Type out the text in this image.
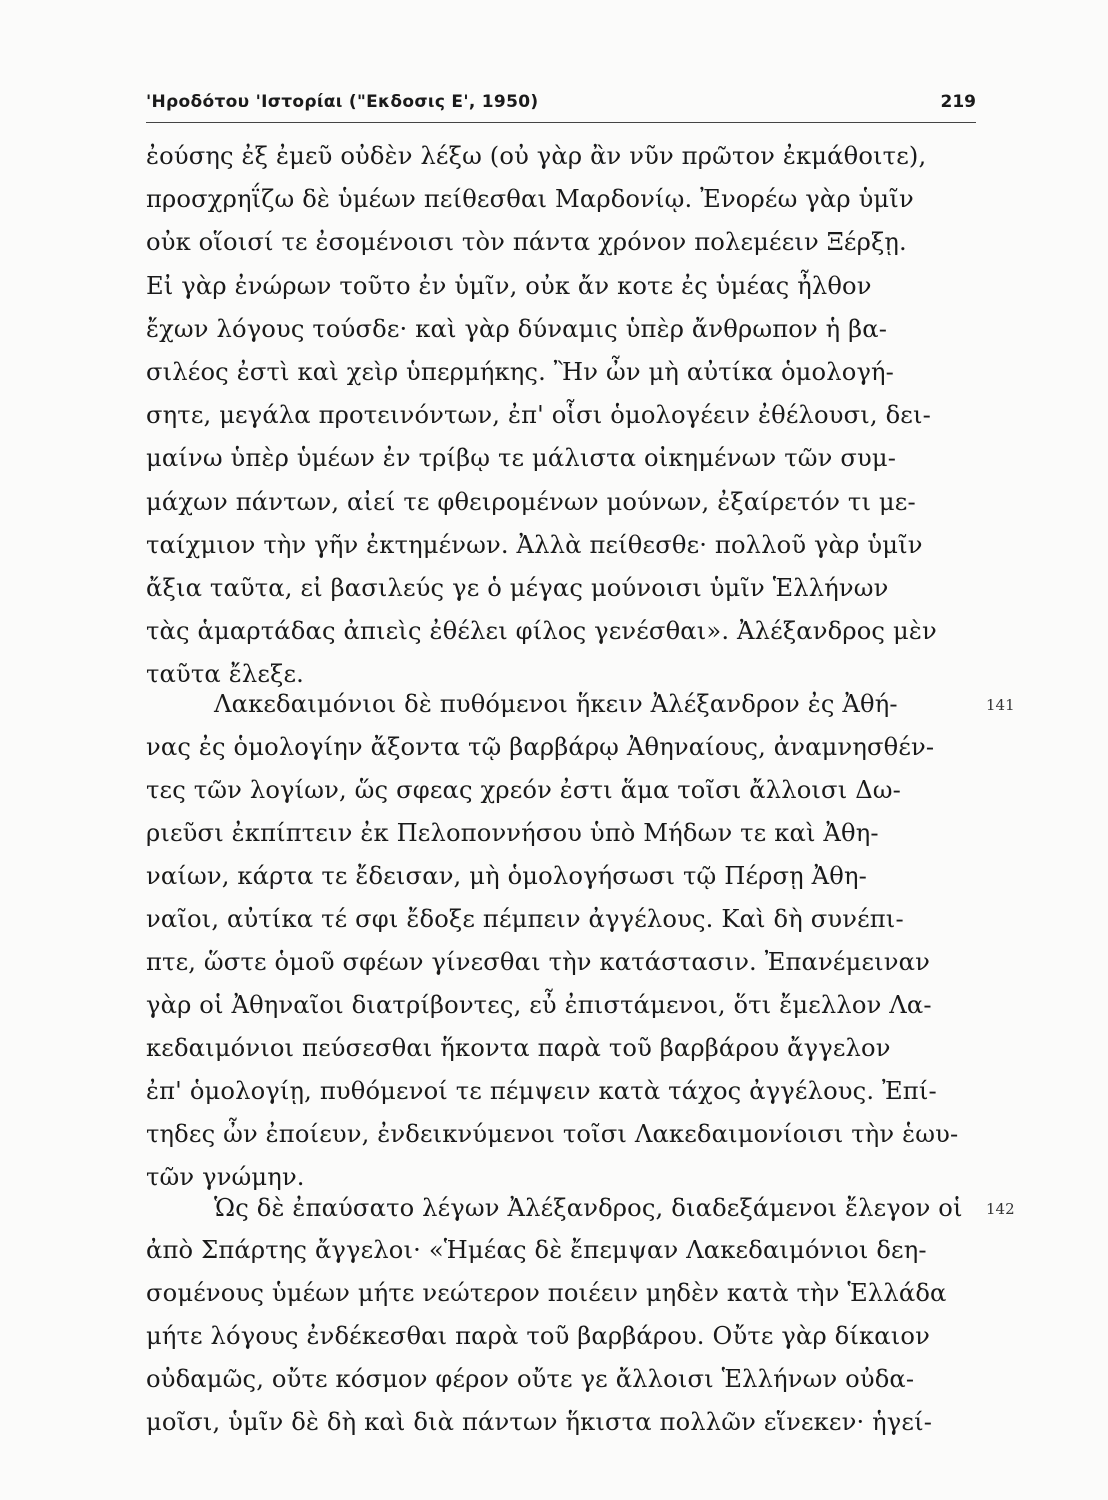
'Ηροδότου 'Ιστορίαι ("Εκδοσις Ε', 1950)	219
ἐούσης ἐξ ἐμεῦ οὐδὲν λέξω (οὐ γὰρ ἂν νῦν πρῶτον ἐκμάθοιτε),
προσχρηΐζω δὲ ὑμέων πείθεσθαι Μαρδονίῳ. Ἐνορέω γὰρ ὑμῖν
οὐκ οἵοισί τε ἐσομένοισι τὸν πάντα χρόνον πολεμέειν Ξέρξῃ.
Εἰ γὰρ ἐνώρων τοῦτο ἐν ὑμῖν, οὐκ ἄν κοτε ἐς ὑμέας ἦλθον
ἔχων λόγους τούσδε· καὶ γὰρ δύναμις ὑπὲρ ἄνθρωπον ἡ βα-
σιλέος ἐστὶ καὶ χεὶρ ὑπερμήκης. Ἢν ὦν μὴ αὐτίκα ὁμολογή-
σητε, μεγάλα προτεινόντων, ἐπ' οἷσι ὁμολογέειν ἐθέλουσι, δει-
μαίνω ὑπὲρ ὑμέων ἐν τρίβῳ τε μάλιστα οἰκημένων τῶν συμ-
μάχων πάντων, αἰεί τε φθειρομένων μούνων, ἐξαίρετόν τι με-
ταίχμιον τὴν γῆν ἐκτημένων. Ἀλλὰ πείθεσθε· πολλοῦ γὰρ ὑμῖν
ἄξια ταῦτα, εἰ βασιλεύς γε ὁ μέγας μούνοισι ὑμῖν Ἑλλήνων
τὰς ἁμαρτάδας ἀπιεὶς ἐθέλει φίλος γενέσθαι». Ἀλέξανδρος μὲν
ταῦτα ἔλεξε.
Λακεδαιμόνιοι δὲ πυθόμενοι ἥκειν Ἀλέξανδρον ἐς Ἀθή-
νας ἐς ὁμολογίην ἄξοντα τῷ βαρβάρῳ Ἀθηναίους, ἀναμνησθέν-
τες τῶν λογίων, ὥς σφεας χρεόν ἐστι ἅμα τοῖσι ἄλλοισι Δω-
ριεῦσι ἐκπίπτειν ἐκ Πελοποννήσου ὑπὸ Μήδων τε καὶ Ἀθη-
ναίων, κάρτα τε ἔδεισαν, μὴ ὁμολογήσωσι τῷ Πέρσῃ Ἀθη-
ναῖοι, αὐτίκα τέ σφι ἔδοξε πέμπειν ἀγγέλους. Καὶ δὴ συνέπι-
πτε, ὥστε ὁμοῦ σφέων γίνεσθαι τὴν κατάστασιν. Ἐπανέμειναν
γὰρ οἱ Ἀθηναῖοι διατρίβοντες, εὖ ἐπιστάμενοι, ὅτι ἔμελλον Λα-
κεδαιμόνιοι πεύσεσθαι ἥκοντα παρὰ τοῦ βαρβάρου ἄγγελον
ἐπ' ὁμολογίῃ, πυθόμενοί τε πέμψειν κατὰ τάχος ἀγγέλους. Ἐπί-
τηδες ὦν ἐποίευν, ἐνδεικνύμενοι τοῖσι Λακεδαιμονίοισι τὴν ἑωυ-
τῶν γνώμην.
Ὡς δὲ ἐπαύσατο λέγων Ἀλέξανδρος, διαδεξάμενοι ἔλεγον οἱ
ἀπὸ Σπάρτης ἄγγελοι· «Ἡμέας δὲ ἔπεμψαν Λακεδαιμόνιοι δεη-
σομένους ὑμέων μήτε νεώτερον ποιέειν μηδὲν κατὰ τὴν Ἑλλάδα
μήτε λόγους ἐνδέκεσθαι παρὰ τοῦ βαρβάρου. Οὔτε γὰρ δίκαιον
οὐδαμῶς, οὔτε κόσμον φέρον οὔτε γε ἄλλοισι Ἑλλήνων οὐδα-
μοῖσι, ὑμῖν δὲ δὴ καὶ διὰ πάντων ἥκιστα πολλῶν εἵνεκεν· ἡγεί-
141
142
